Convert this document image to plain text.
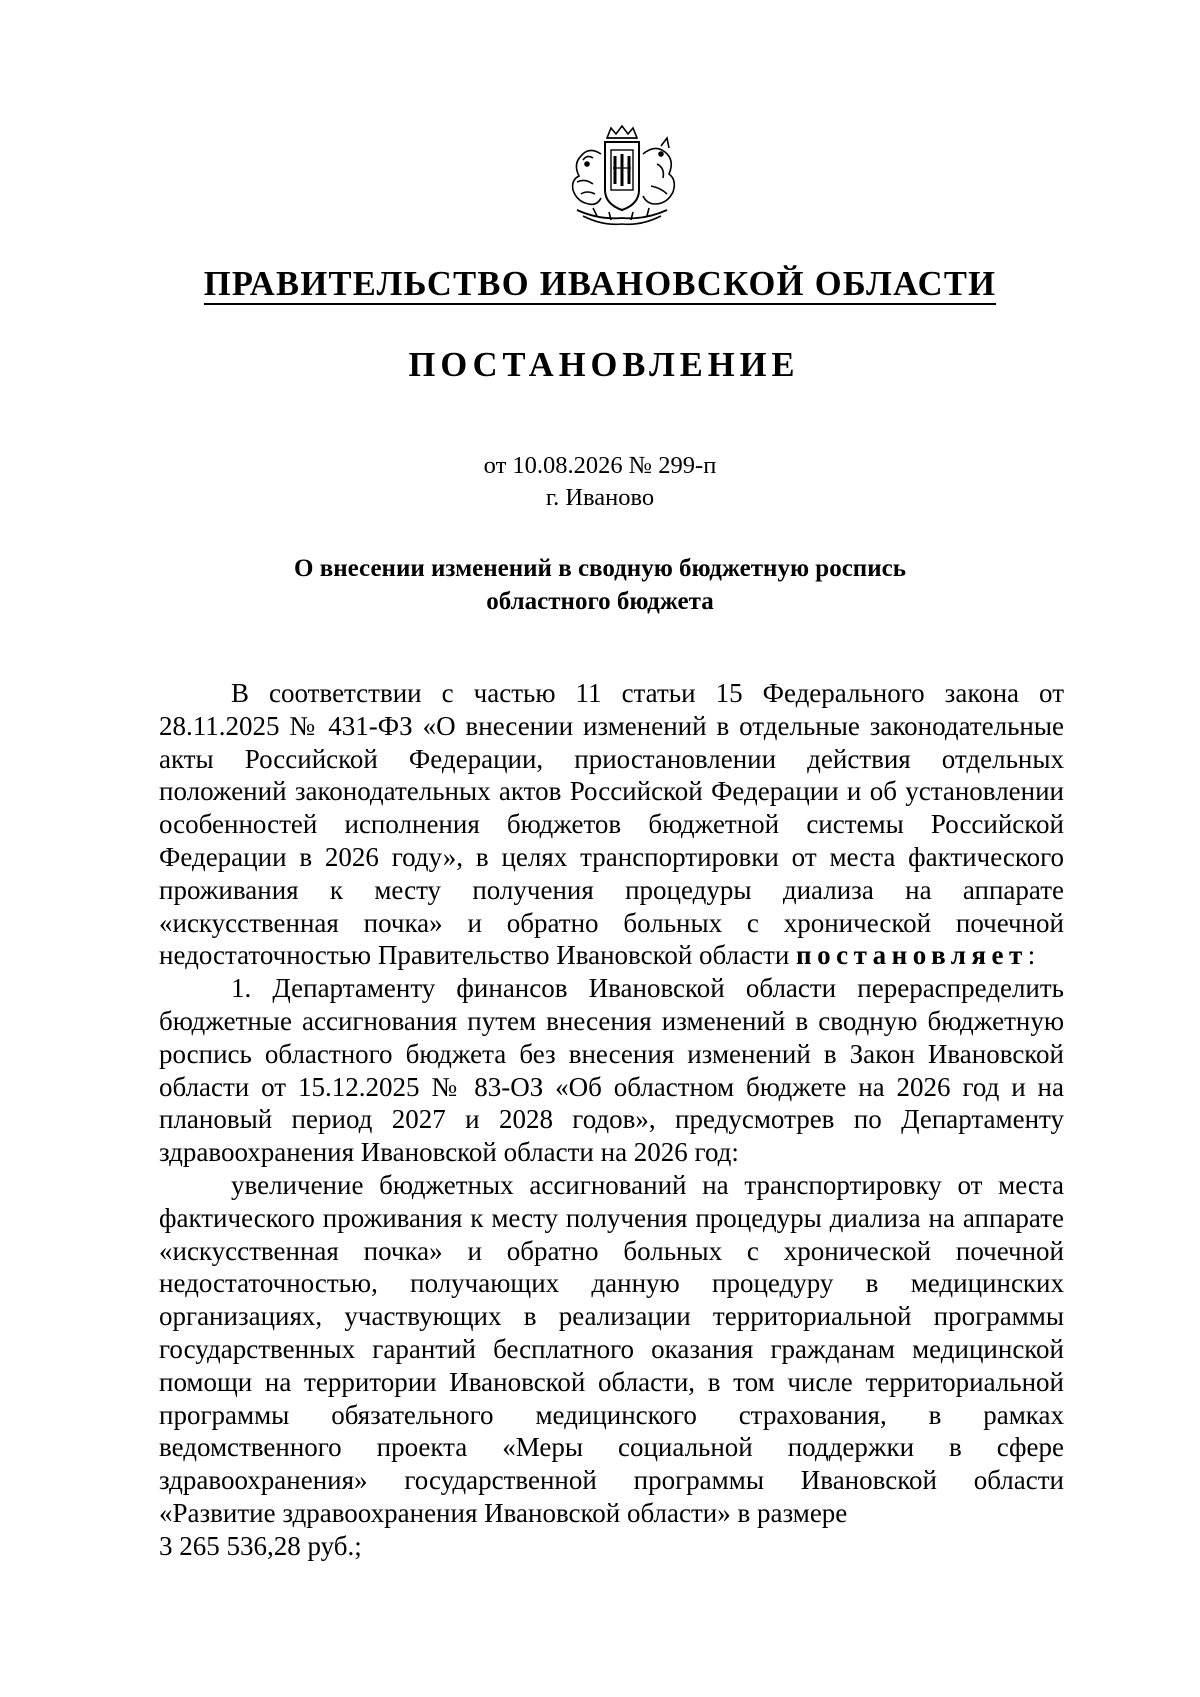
ПРАВИТЕЛЬСТВО ИВАНОВСКОЙ ОБЛАСТИ
ПОСТАНОВЛЕНИЕ
от 10.08.2026 № 299-п
г. Иваново
О внесении изменений в сводную бюджетную роспись
областного бюджета

В соответствии с частью 11 статьи 15 Федерального закона от 28.11.2025 № 431-ФЗ «О внесении изменений в отдельные законодательные акты Российской Федерации, приостановлении действия отдельных положений законодательных актов Российской Федерации и об установлении особенностей исполнения бюджетов бюджетной системы Российской Федерации в 2026 году», в целях транспортировки от места фактического проживания к месту получения процедуры диализа на аппарате «искусственная почка» и обратно больных с хронической почечной недостаточностью Правительство Ивановской области постановляет:

1. Департаменту финансов Ивановской области перераспределить бюджетные ассигнования путем внесения изменений в сводную бюджетную роспись областного бюджета без внесения изменений в Закон Ивановской области от 15.12.2025 № 83-ОЗ «Об областном бюджете на 2026 год и на плановый период 2027 и 2028 годов», предусмотрев по Департаменту здравоохранения Ивановской области на 2026 год:

увеличение бюджетных ассигнований на транспортировку от места фактического проживания к месту получения процедуры диализа на аппарате «искусственная почка» и обратно больных с хронической почечной недостаточностью, получающих данную процедуру в медицинских организациях, участвующих в реализации территориальной программы государственных гарантий бесплатного оказания гражданам медицинской помощи на территории Ивановской области, в том числе территориальной программы обязательного медицинского страхования, в рамках ведомственного проекта «Меры социальной поддержки в сфере здравоохранения» государственной программы Ивановской области «Развитие здравоохранения Ивановской области» в размере

3 265 536,28 руб.;
